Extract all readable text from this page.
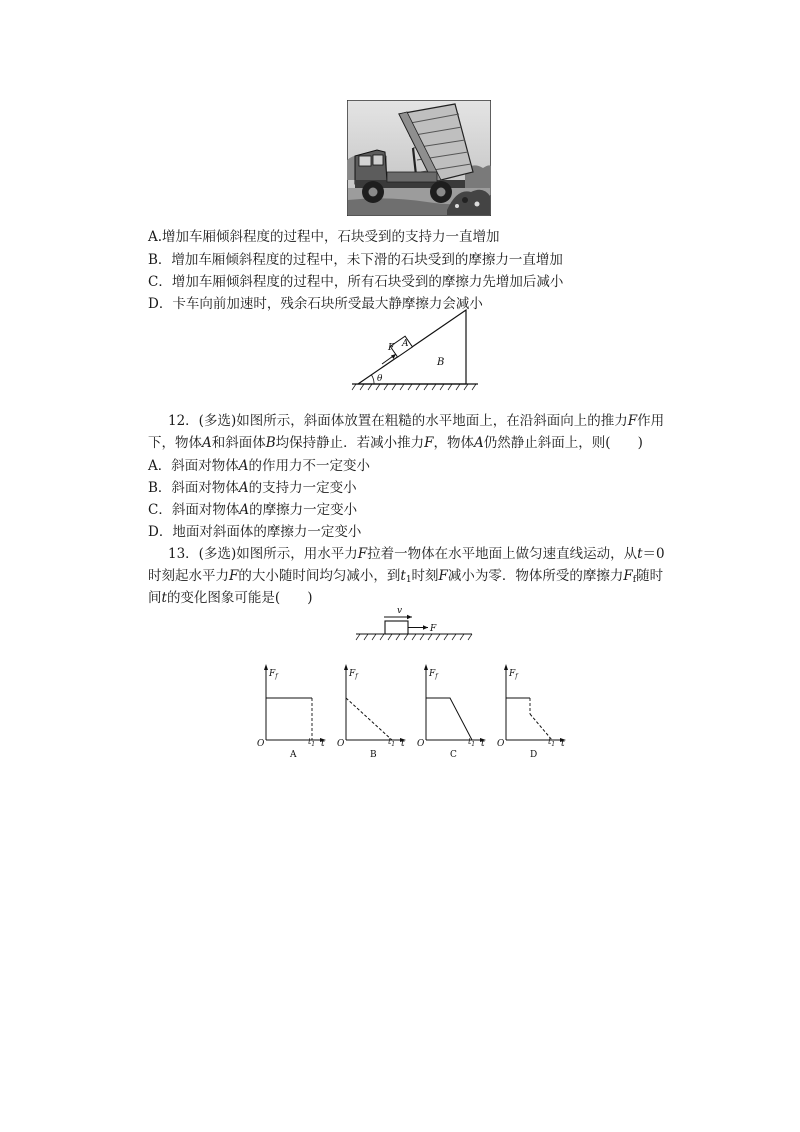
A.增加车厢倾斜程度的过程中，石块受到的支持力一直增加
B．增加车厢倾斜程度的过程中，未下滑的石块受到的摩擦力一直增加
C．增加车厢倾斜程度的过程中，所有石块受到的摩擦力先增加后减小
D．卡车向前加速时，残余石块所受最大静摩擦力会减小
θ
A
F
B
12．(多选)如图所示，斜面体放置在粗糙的水平地面上，在沿斜面向上的推力F作用
下，物体A和斜面体B均保持静止．若减小推力F，物体A仍然静止斜面上，则(　　)
A．斜面对物体A的作用力不一定变小
B．斜面对物体A的支持力一定变小
C．斜面对物体A的摩擦力一定变小
D．地面对斜面体的摩擦力一定变小
13．(多选)如图所示，用水平力F拉着一物体在水平地面上做匀速直线运动，从t＝0
时刻起水平力F的大小随时间均匀减小，到$t_1$时刻F减小为零．物体所受的摩擦力$F_f$随时
间t的变化图象可能是(　　)
v
F
$F_f$
O	$t_1$ t
A
$F_f$
O	$t_1$ t
B
$F_f$
O	$t_1$ t
C
$F_f$
O	$t_1$ t
D
